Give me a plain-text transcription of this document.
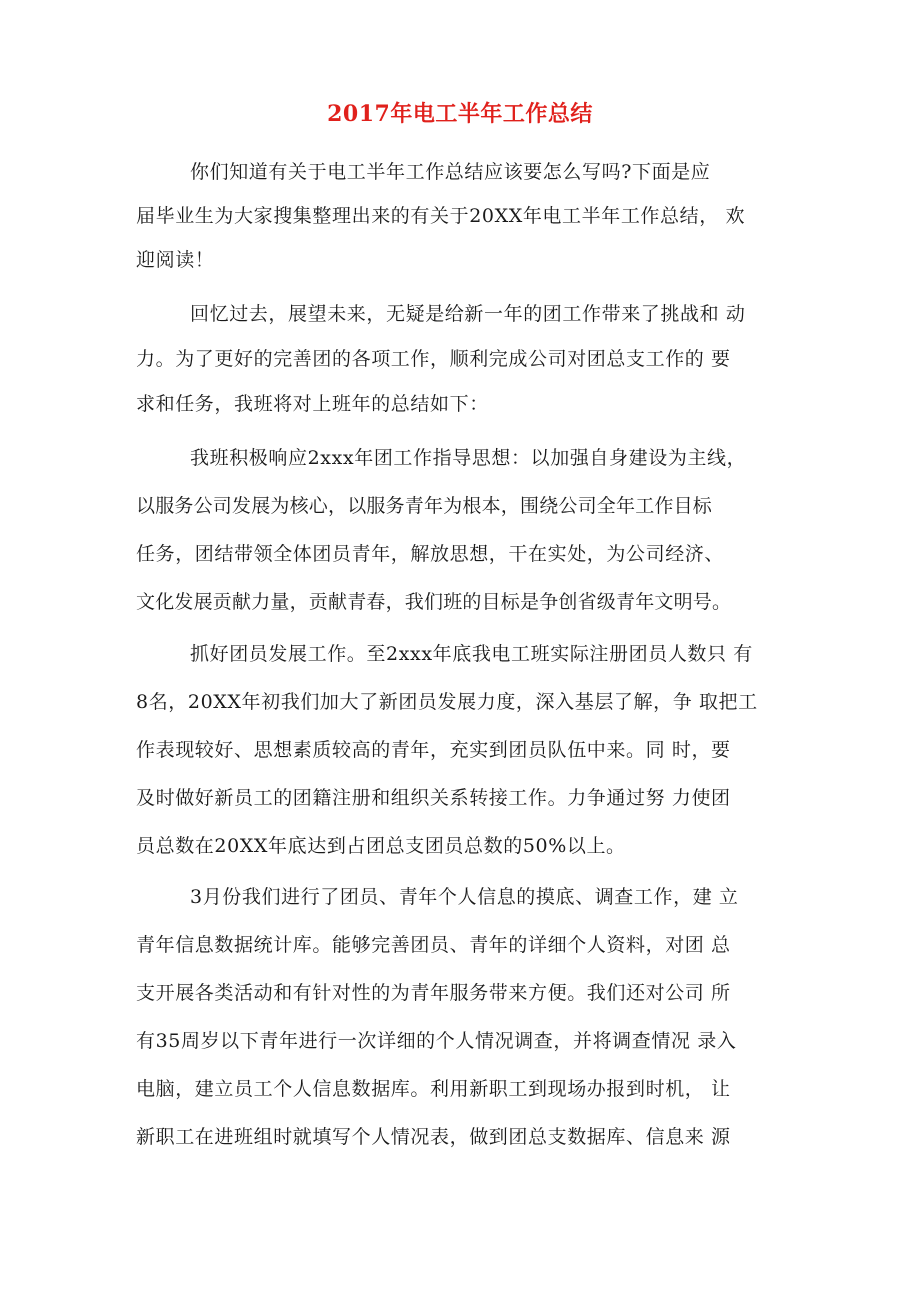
2017年电工半年工作总结

你们知道有关于电工半年工作总结应该要怎么写吗?下面是应

届毕业生为大家搜集整理出来的有关于20XX年电工半年工作总结， 欢

迎阅读！

回忆过去，展望未来，无疑是给新一年的团工作带来了挑战和 动

力。为了更好的完善团的各项工作，顺利完成公司对团总支工作的 要

求和任务，我班将对上班年的总结如下：

我班积极响应2xxx年团工作指导思想：以加强自身建设为主线，

以服务公司发展为核心，以服务青年为根本，围绕公司全年工作目标

任务，团结带领全体团员青年，解放思想，干在实处，为公司经济、

文化发展贡献力量，贡献青春，我们班的目标是争创省级青年文明号。

抓好团员发展工作。至2xxx年底我电工班实际注册团员人数只 有

8名，20XX年初我们加大了新团员发展力度，深入基层了解，争 取把工

作表现较好、思想素质较高的青年，充实到团员队伍中来。同 时，要

及时做好新员工的团籍注册和组织关系转接工作。力争通过努 力使团

员总数在20XX年底达到占团总支团员总数的50%以上。

3月份我们进行了团员、青年个人信息的摸底、调查工作，建 立

青年信息数据统计库。能够完善团员、青年的详细个人资料，对团 总

支开展各类活动和有针对性的为青年服务带来方便。我们还对公司 所

有35周岁以下青年进行一次详细的个人情况调查，并将调查情况 录入

电脑，建立员工个人信息数据库。利用新职工到现场办报到时机， 让

新职工在进班组时就填写个人情况表，做到团总支数据库、信息来 源
